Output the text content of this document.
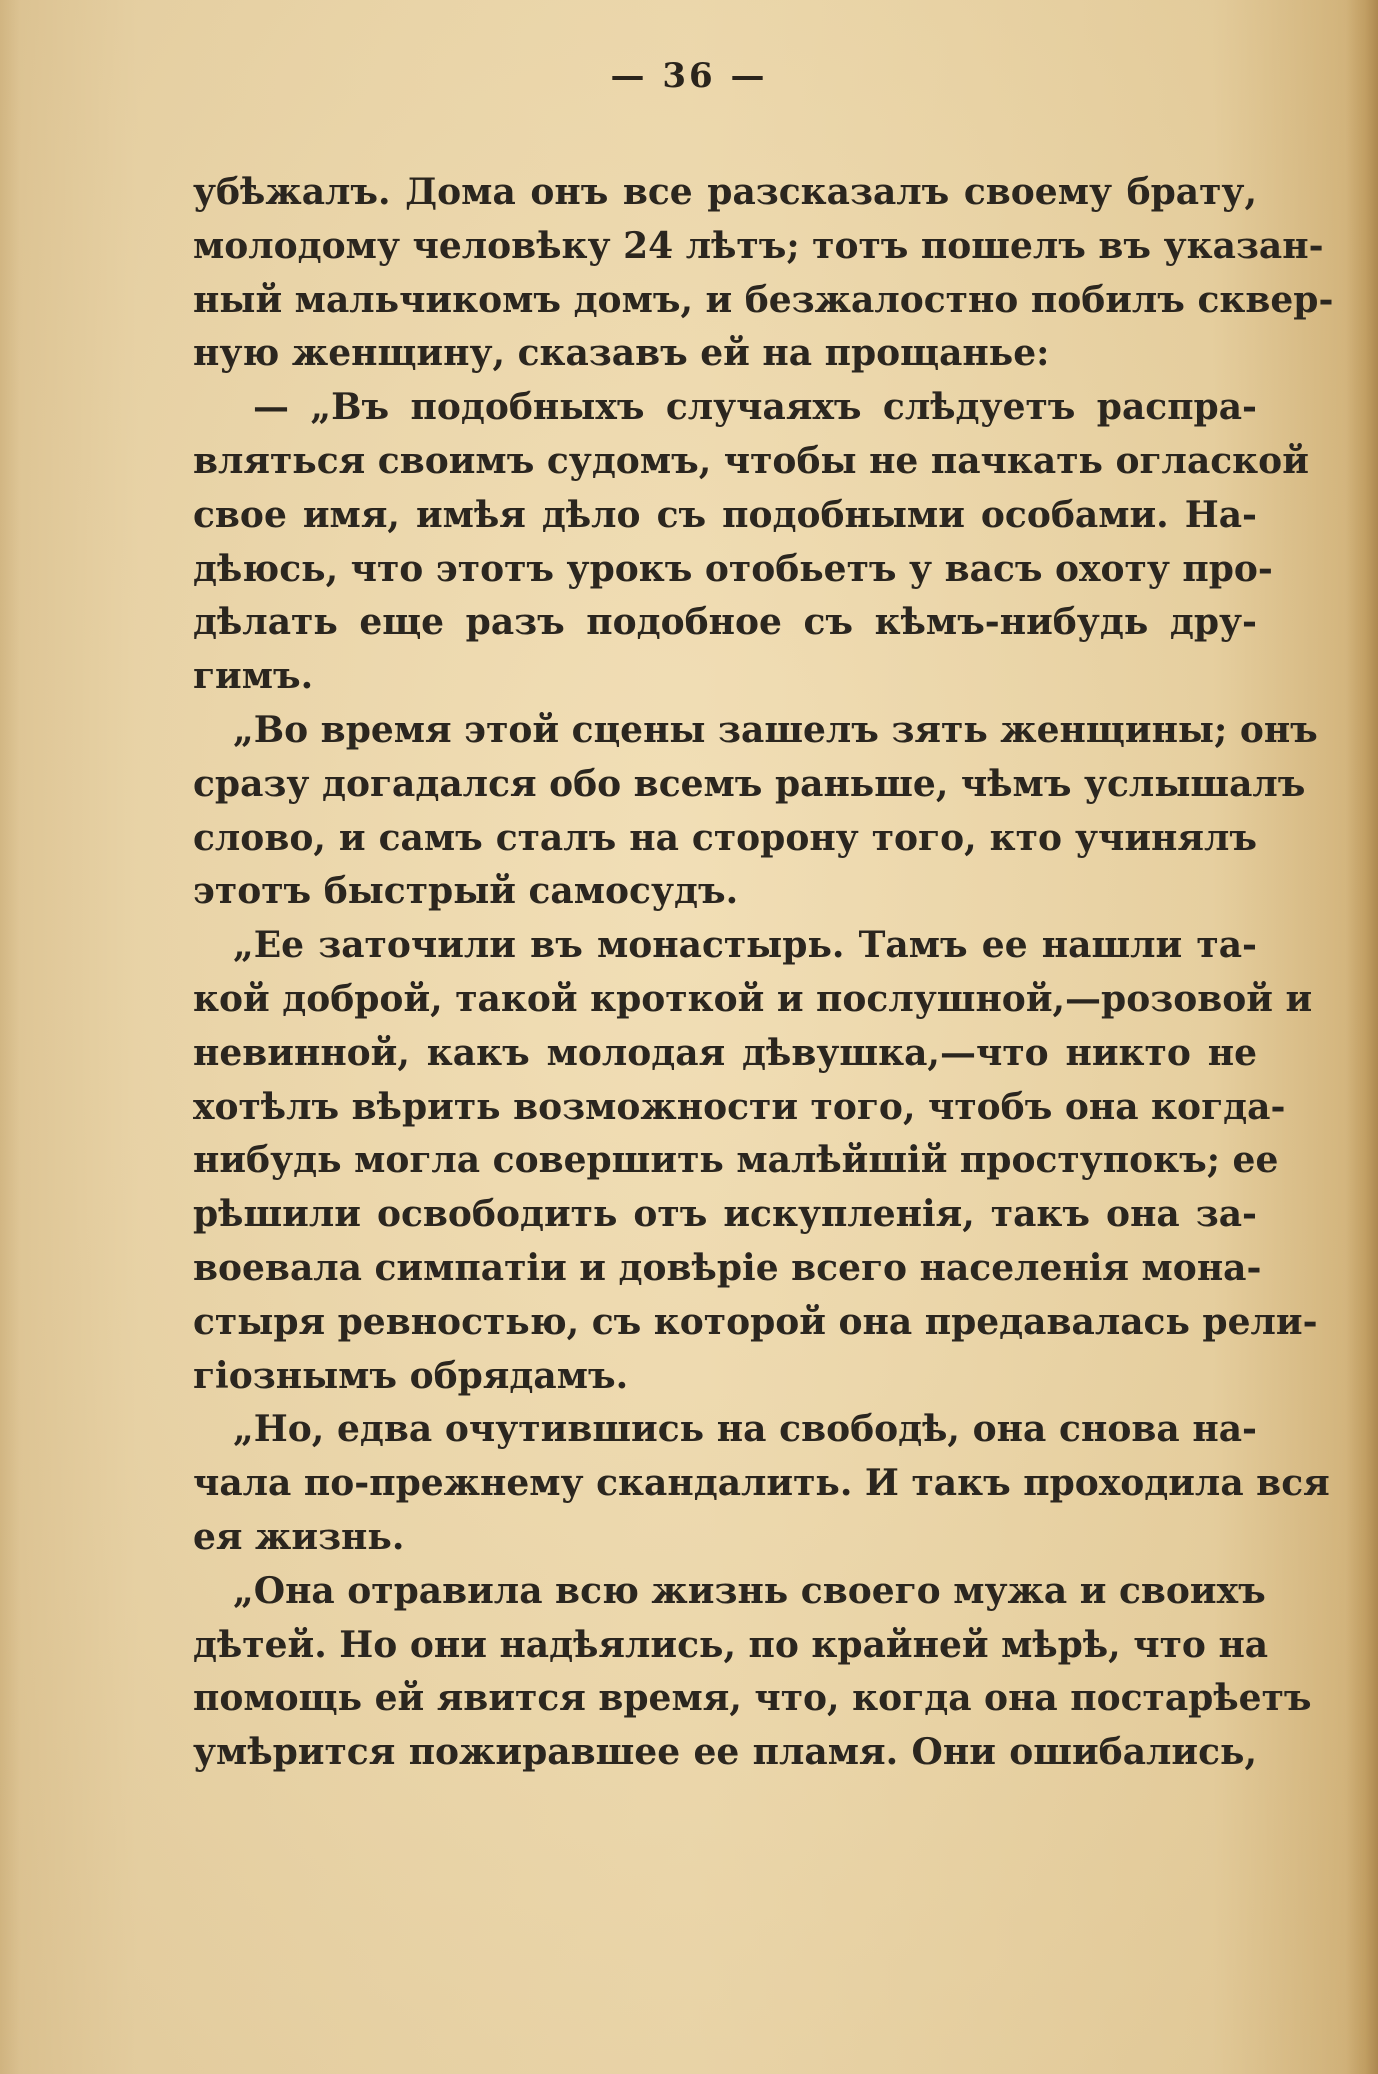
— 36 —
убѣжалъ. Дома онъ все разсказалъ своему брату,
молодому человѣку 24 лѣтъ; тотъ пошелъ въ указан-
ный мальчикомъ домъ, и безжалостно побилъ сквер-
ную женщину, сказавъ ей на прощанье:
— „Въ подобныхъ случаяхъ слѣдуетъ распра-
вляться своимъ судомъ, чтобы не пачкать оглаской
свое имя, имѣя дѣло съ подобными особами. На-
дѣюсь, что этотъ урокъ отобьетъ у васъ охоту про-
дѣлать еще разъ подобное съ кѣмъ-нибудь дру-
гимъ.
„Во время этой сцены зашелъ зять женщины; онъ
сразу догадался обо всемъ раньше, чѣмъ услышалъ
слово, и самъ сталъ на сторону того, кто учинялъ
этотъ быстрый самосудъ.
„Ее заточили въ монастырь. Тамъ ее нашли та-
кой доброй, такой кроткой и послушной,—розовой и
невинной, какъ молодая дѣвушка,—что никто не
хотѣлъ вѣрить возможности того, чтобъ она когда-
нибудь могла совершить малѣйшій проступокъ; ее
рѣшили освободить отъ искупленія, такъ она за-
воевала симпатіи и довѣріе всего населенія мона-
стыря ревностью, съ которой она предавалась рели-
гiознымъ обрядамъ.
„Но, едва очутившись на свободѣ, она снова на-
чала по-прежнему скандалить. И такъ проходила вся
ея жизнь.
„Она отравила всю жизнь своего мужа и своихъ
дѣтей. Но они надѣялись, по крайней мѣрѣ, что на
помощь ей явится время, что, когда она постарѣетъ
умѣрится пожиравшее ее пламя. Они ошибались,
